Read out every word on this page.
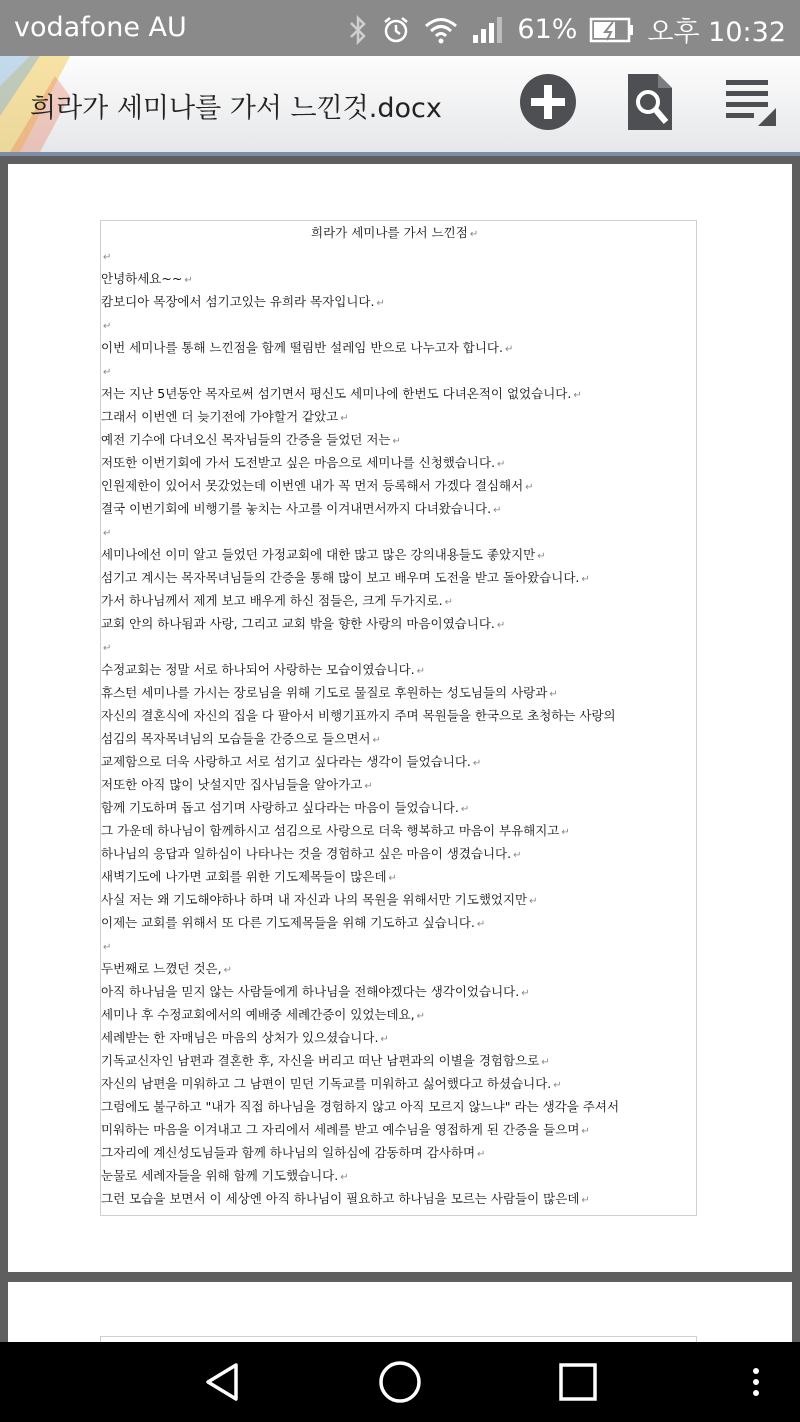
vodafone AU	61%	오후 10:32
희라가 세미나를 가서 느낀것.docx
희라가 세미나를 가서 느낀점 ↵
↵
안녕하세요~~ ↵
캄보디아 목장에서 섬기고있는 유희라 목자입니다. ↵
↵
이번 세미나를 통해 느낀점을 함께 떨림반 설레임 반으로 나누고자 합니다. ↵
↵
저는 지난 5년동안 목자로써 섬기면서 평신도 세미나에 한번도 다녀온적이 없었습니다. ↵
그래서 이번엔 더 늦기전에 가야할거 같았고 ↵
예전 기수에 다녀오신 목자님들의 간증을 들었던 저는 ↵
저또한 이번기회에 가서 도전받고 싶은 마음으로 세미나를 신청했습니다. ↵
인원제한이 있어서 못갔었는데 이번엔 내가 꼭 먼저 등록해서 가겠다 결심해서 ↵
결국 이번기회에 비행기를 놓치는 사고를 이겨내면서까지 다녀왔습니다. ↵
↵
세미나에선 이미 알고 들었던 가정교회에 대한 많고 많은 강의내용들도 좋았지만 ↵
섬기고 계시는 목자목녀님들의 간증을 통해 많이 보고 배우며 도전을 받고 돌아왔습니다. ↵
가서 하나님께서 제게 보고 배우게 하신 점들은, 크게 두가지로. ↵
교회 안의 하나됨과 사랑, 그리고 교회 밖을 향한 사랑의 마음이였습니다. ↵
↵
수정교회는 정말 서로 하나되어 사랑하는 모습이였습니다. ↵
휴스턴 세미나를 가시는 장로님을 위해 기도로 물질로 후원하는 성도님들의 사랑과 ↵
자신의 결혼식에 자신의 집을 다 팔아서 비행기표까지 주며 목원들을 한국으로 초청하는 사랑의
섬김의 목자목녀님의 모습들을 간증으로 들으면서 ↵
교제함으로 더욱 사랑하고 서로 섬기고 싶다라는 생각이 들었습니다. ↵
저또한 아직 많이 낫설지만 집사님들을 알아가고 ↵
함께 기도하며 돕고 섬기며 사랑하고 싶다라는 마음이 들었습니다. ↵
그 가운데 하나님이 함께하시고 섬김으로 사랑으로 더욱 행복하고 마음이 부유해지고 ↵
하나님의 응답과 일하심이 나타나는 것을 경험하고 싶은 마음이 생겼습니다. ↵
새벽기도에 나가면 교회를 위한 기도제목들이 많은데 ↵
사실 저는 왜 기도해야하나 하며 내 자신과 나의 목원을 위해서만 기도했었지만 ↵
이제는 교회를 위해서 또 다른 기도제목들을 위해 기도하고 싶습니다. ↵
↵
두번째로 느꼈던 것은, ↵
아직 하나님을 믿지 않는 사람들에게 하나님을 전해야겠다는 생각이었습니다. ↵
세미나 후 수정교회에서의 예배중 세례간증이 있었는데요, ↵
세례받는 한 자매님은 마음의 상처가 있으셨습니다. ↵
기독교신자인 남편과 결혼한 후, 자신을 버리고 떠난 남편과의 이별을 경험함으로 ↵
자신의 남편을 미워하고 그 남편이 믿던 기독교를 미워하고 싫어했다고 하셨습니다. ↵
그럼에도 불구하고 "내가 직접 하나님을 경험하지 않고 아직 모르지 않느냐" 라는 생각을 주셔서
미워하는 마음을 이겨내고 그 자리에서 세례를 받고 예수님을 영접하게 된 간증을 들으며 ↵
그자리에 계신성도님들과 함께 하나님의 일하심에 감동하며 감사하며 ↵
눈물로 세례자들을 위해 함께 기도했습니다. ↵
그런 모습을 보면서 이 세상엔 아직 하나님이 필요하고 하나님을 모르는 사람들이 많은데 ↵
